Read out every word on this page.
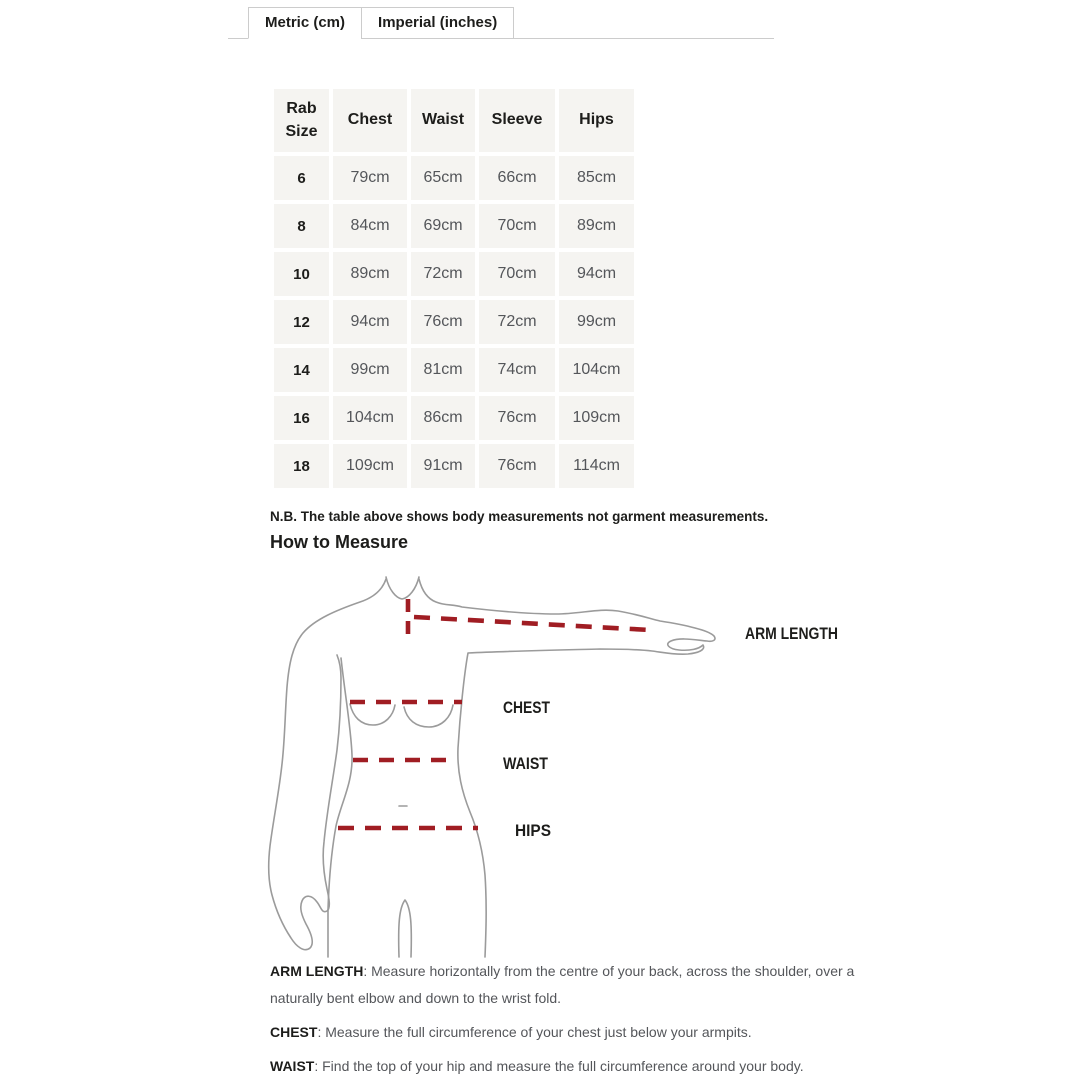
Metric (cm)	Imperial (inches)
Rab Size	Chest	Waist	Sleeve	Hips
6	79cm	65cm	66cm	85cm
8	84cm	69cm	70cm	89cm
10	89cm	72cm	70cm	94cm
12	94cm	76cm	72cm	99cm
14	99cm	81cm	74cm	104cm
16	104cm	86cm	76cm	109cm
18	109cm	91cm	76cm	114cm
N.B. The table above shows body measurements not garment measurements.
How to Measure
ARM LENGTH
CHEST
WAIST
HIPS

ARM LENGTH: Measure horizontally from the centre of your back, across the shoulder, over a naturally bent elbow and down to the wrist fold.

CHEST: Measure the full circumference of your chest just below your armpits.

WAIST: Find the top of your hip and measure the full circumference around your body.
